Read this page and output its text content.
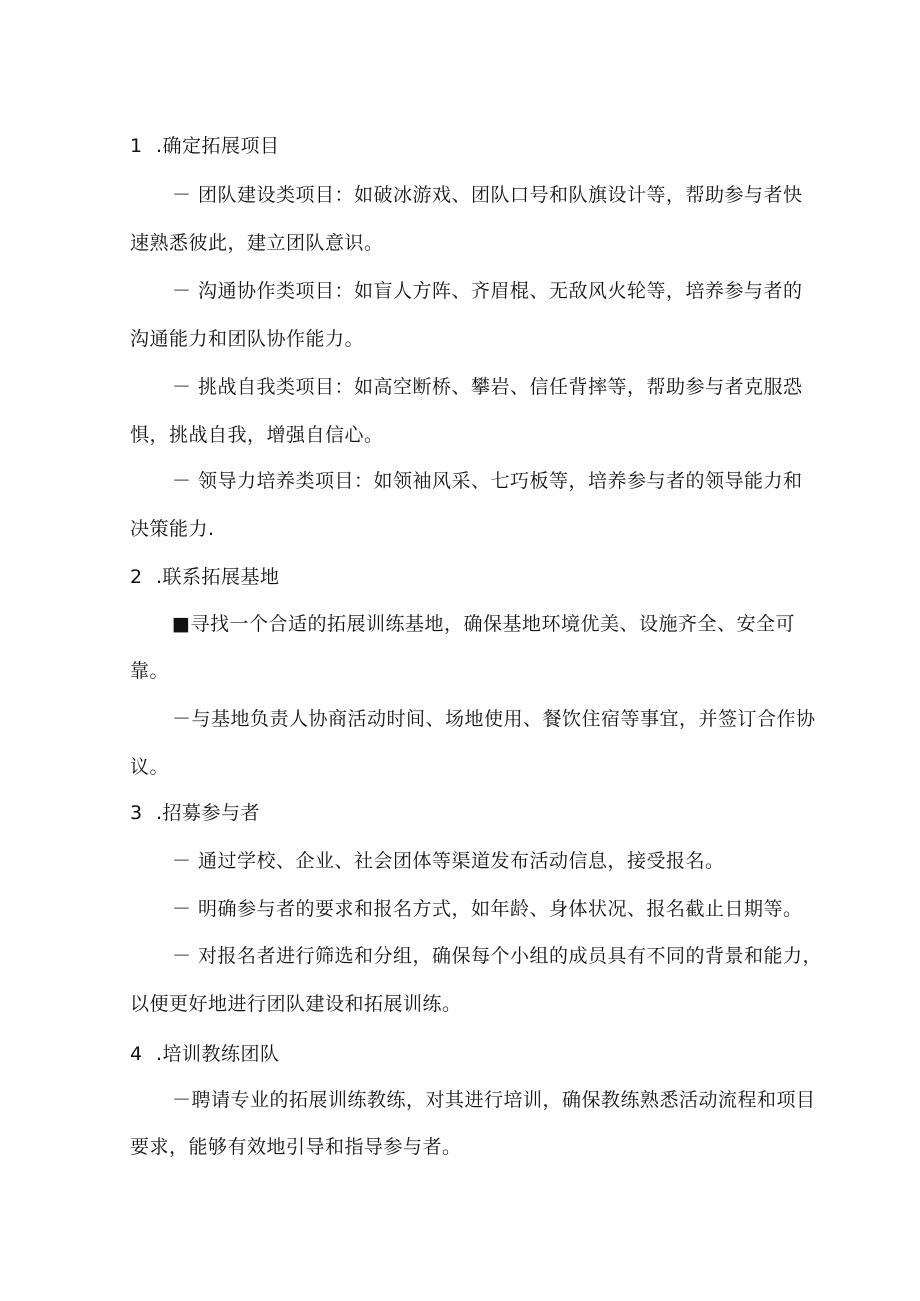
1 .确定拓展项目
－ 团队建设类项目：如破冰游戏、团队口号和队旗设计等，帮助参与者快
速熟悉彼此，建立团队意识。
－ 沟通协作类项目：如盲人方阵、齐眉棍、无敌风火轮等，培养参与者的
沟通能力和团队协作能力。
－ 挑战自我类项目：如高空断桥、攀岩、信任背摔等，帮助参与者克服恐
惧，挑战自我，增强自信心。
－ 领导力培养类项目：如领袖风采、七巧板等，培养参与者的领导能力和
决策能力.
2 .联系拓展基地
■寻找一个合适的拓展训练基地，确保基地环境优美、设施齐全、安全可
靠。
－与基地负责人协商活动时间、场地使用、餐饮住宿等事宜，并签订合作协
议。
3 .招募参与者
－ 通过学校、企业、社会团体等渠道发布活动信息，接受报名。
－ 明确参与者的要求和报名方式，如年龄、身体状况、报名截止日期等。
－ 对报名者进行筛选和分组，确保每个小组的成员具有不同的背景和能力，
以便更好地进行团队建设和拓展训练。
4 .培训教练团队
－聘请专业的拓展训练教练，对其进行培训，确保教练熟悉活动流程和项目
要求，能够有效地引导和指导参与者。
